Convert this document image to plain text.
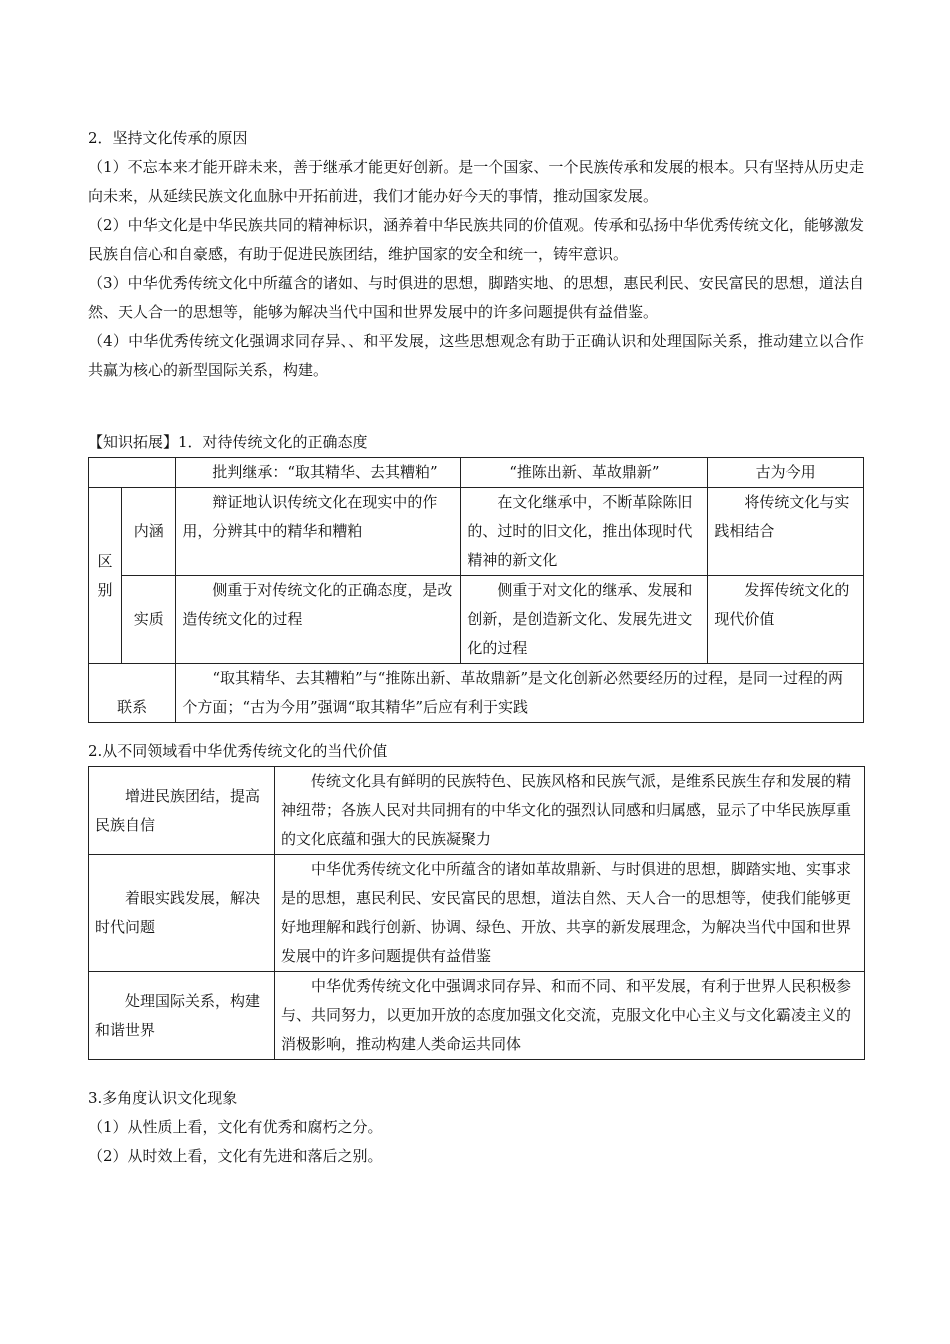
2．坚持文化传承的原因

（1）不忘本来才能开辟未来，善于继承才能更好创新。是一个国家、一个民族传承和发展的根本。只有坚持从历史走向未来，从延续民族文化血脉中开拓前进，我们才能办好今天的事情，推动国家发展。

（2）中华文化是中华民族共同的精神标识，涵养着中华民族共同的价值观。传承和弘扬中华优秀传统文化，能够激发民族自信心和自豪感，有助于促进民族团结，维护国家的安全和统一，铸牢意识。

（3）中华优秀传统文化中所蕴含的诸如、与时俱进的思想，脚踏实地、的思想，惠民利民、安民富民的思想，道法自然、天人合一的思想等，能够为解决当代中国和世界发展中的许多问题提供有益借鉴。

（4）中华优秀传统文化强调求同存异、、和平发展，这些思想观念有助于正确认识和处理国际关系，推动建立以合作共赢为核心的新型国际关系，构建。

【知识拓展】1．对待传统文化的正确态度

		批判继承：“取其精华、去其糟粕”	“推陈出新、革故鼎新”	古为今用
区别	内涵	辩证地认识传统文化在现实中的作用，分辨其中的精华和糟粕	在文化继承中，不断革除陈旧的、过时的旧文化，推出体现时代精神的新文化	将传统文化与实践相结合
	实质	侧重于对传统文化的正确态度，是改造传统文化的过程	侧重于对文化的继承、发展和创新，是创造新文化、发展先进文化的过程	发挥传统文化的现代价值
联系		“取其精华、去其糟粕”与“推陈出新、革故鼎新”是文化创新必然要经历的过程，是同一过程的两个方面；“古为今用”强调“取其精华”后应有利于实践		

2.从不同领域看中华优秀传统文化的当代价值

增进民族团结，提高民族自信	传统文化具有鲜明的民族特色、民族风格和民族气派，是维系民族生存和发展的精神纽带；各族人民对共同拥有的中华文化的强烈认同感和归属感，显示了中华民族厚重的文化底蕴和强大的民族凝聚力
着眼实践发展，解决时代问题	中华优秀传统文化中所蕴含的诸如革故鼎新、与时俱进的思想，脚踏实地、实事求是的思想，惠民利民、安民富民的思想，道法自然、天人合一的思想等，使我们能够更好地理解和践行创新、协调、绿色、开放、共享的新发展理念，为解决当代中国和世界发展中的许多问题提供有益借鉴
处理国际关系，构建和谐世界	中华优秀传统文化中强调求同存异、和而不同、和平发展，有利于世界人民积极参与、共同努力，以更加开放的态度加强文化交流，克服文化中心主义与文化霸凌主义的消极影响，推动构建人类命运共同体

3.多角度认识文化现象

（1）从性质上看，文化有优秀和腐朽之分。

（2）从时效上看，文化有先进和落后之别。
